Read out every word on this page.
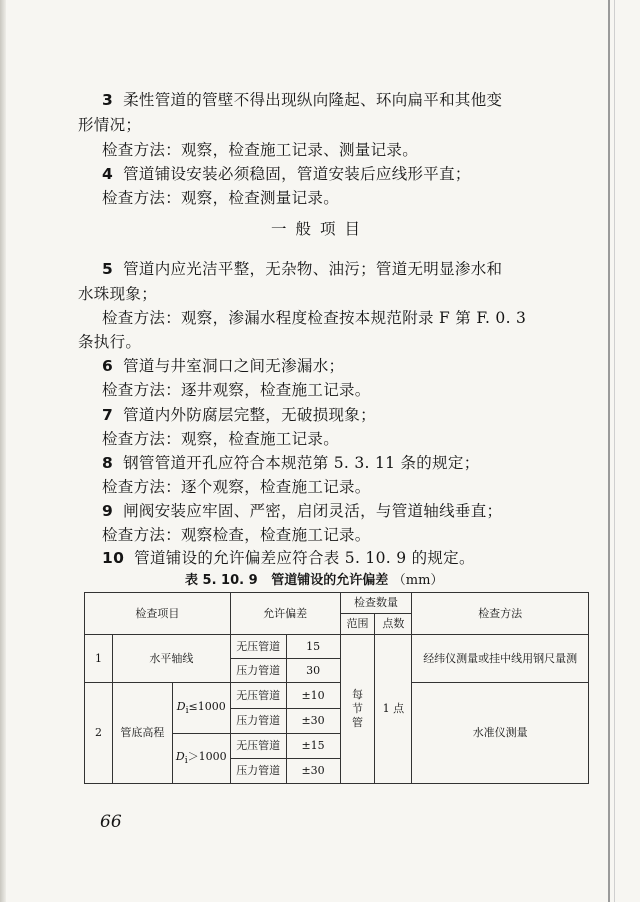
3 柔性管道的管壁不得出现纵向隆起、环向扁平和其他变
形情况；
检查方法：观察，检查施工记录、测量记录。
4 管道铺设安装必须稳固，管道安装后应线形平直；
检查方法：观察，检查测量记录。
一般项目
5 管道内应光洁平整，无杂物、油污；管道无明显渗水和
水珠现象；
检查方法：观察，渗漏水程度检查按本规范附录 F 第 F. 0. 3
条执行。
6 管道与井室洞口之间无渗漏水；
检查方法：逐井观察，检查施工记录。
7 管道内外防腐层完整，无破损现象；
检查方法：观察，检查施工记录。
8 钢管管道开孔应符合本规范第 5. 3. 11 条的规定；
检查方法：逐个观察，检查施工记录。
9 闸阀安装应牢固、严密，启闭灵活，与管道轴线垂直；
检查方法：观察检查，检查施工记录。
10 管道铺设的允许偏差应符合表 5. 10. 9 的规定。
表 5. 10. 9 管道铺设的允许偏差 （mm）
检查项目			允许偏差		检查数量		检查方法
					范围	点数	
1	水平轴线		无压管道	15	每节管	1 点	经纬仪测量或挂中线用钢尺量测
			压力管道	30			
2	管底高程	$D_i\le 1000$	无压管道	±10			水准仪测量
			压力管道	±30			
		$D_i>1000$	无压管道	±15			
			压力管道	±30			
66
